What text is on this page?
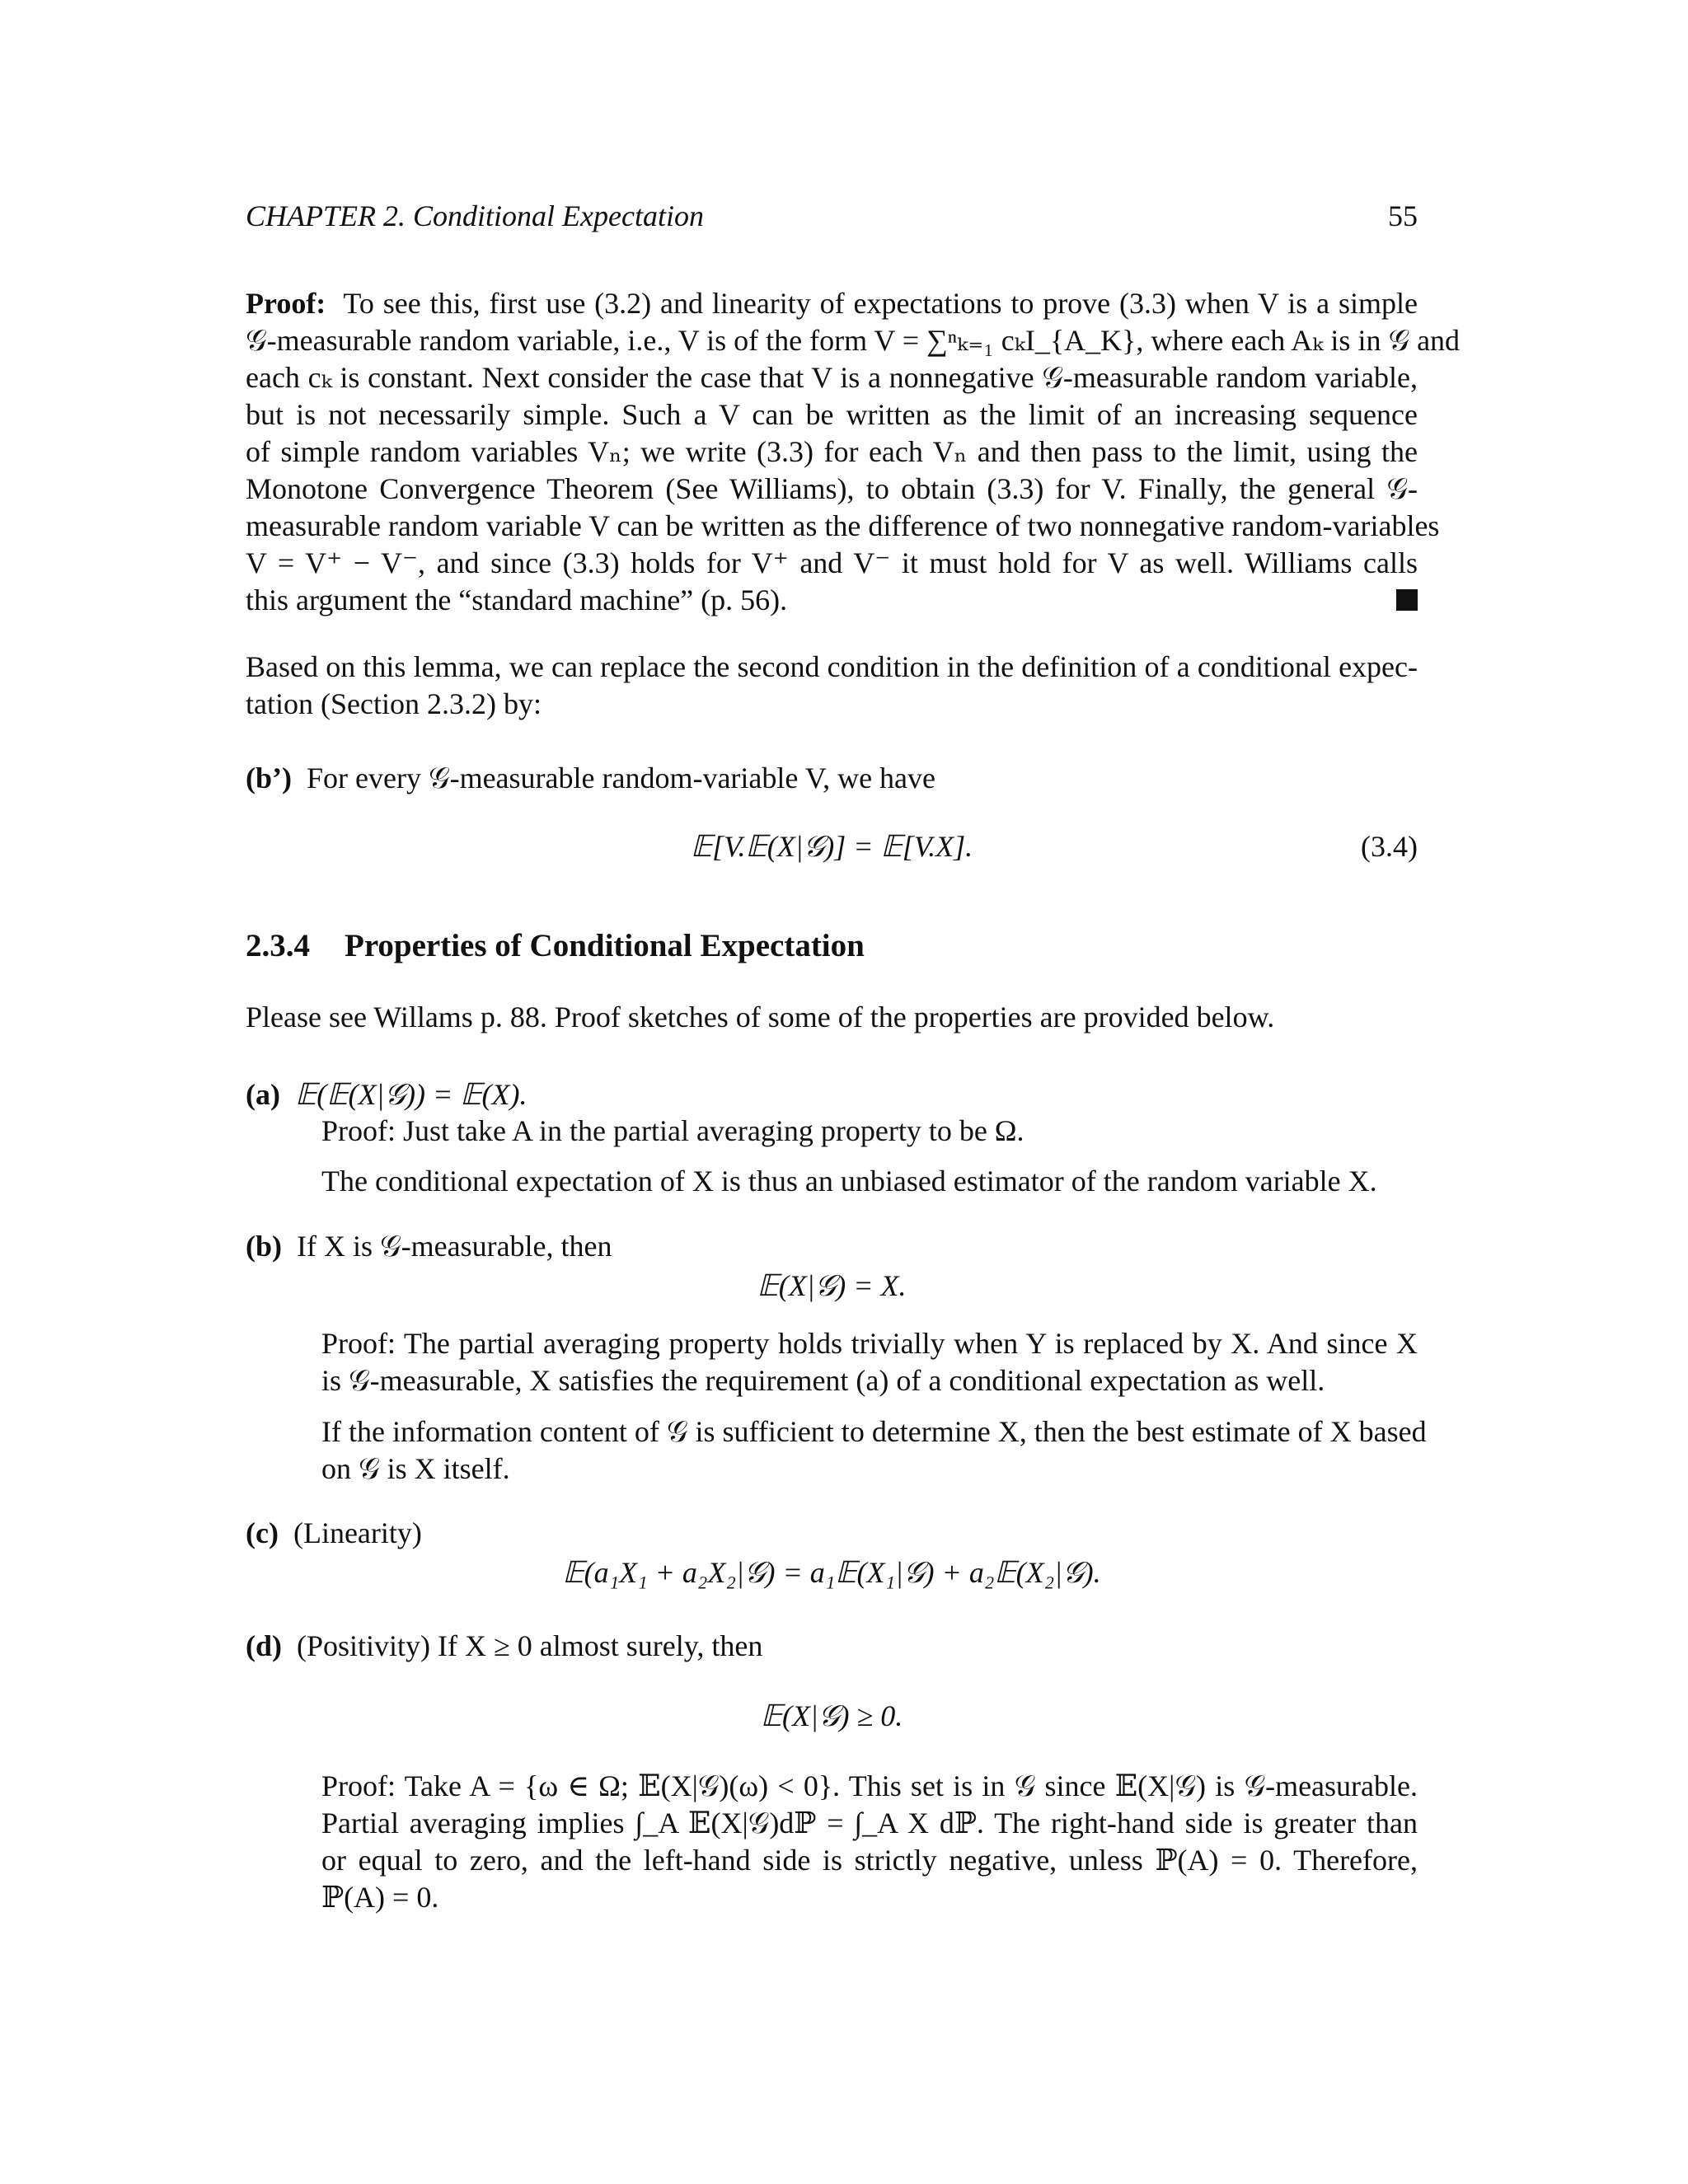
CHAPTER 2. Conditional Expectation	55
Proof: To see this, first use (3.2) and linearity of expectations to prove (3.3) when V is a simple
𝒢-measurable random variable, i.e., V is of the form V = ∑ⁿₖ₌₁ cₖI_{A_K}, where each Aₖ is in 𝒢 and
each cₖ is constant. Next consider the case that V is a nonnegative 𝒢-measurable random variable,
but is not necessarily simple. Such a V can be written as the limit of an increasing sequence
of simple random variables Vₙ; we write (3.3) for each Vₙ and then pass to the limit, using the
Monotone Convergence Theorem (See Williams), to obtain (3.3) for V. Finally, the general 𝒢-
measurable random variable V can be written as the difference of two nonnegative random-variables
V = V⁺ − V⁻, and since (3.3) holds for V⁺ and V⁻ it must hold for V as well. Williams calls
this argument the “standard machine” (p. 56).
Based on this lemma, we can replace the second condition in the definition of a conditional expec-
tation (Section 2.3.2) by:
(b’) For every 𝒢-measurable random-variable V, we have
𝔼[V.𝔼(X|𝒢)] = 𝔼[V.X].	(3.4)
2.3.4 Properties of Conditional Expectation
Please see Willams p. 88. Proof sketches of some of the properties are provided below.
(a) 𝔼(𝔼(X|𝒢)) = 𝔼(X).
Proof: Just take A in the partial averaging property to be Ω.
The conditional expectation of X is thus an unbiased estimator of the random variable X.
(b) If X is 𝒢-measurable, then
𝔼(X|𝒢) = X.
Proof: The partial averaging property holds trivially when Y is replaced by X. And since X
is 𝒢-measurable, X satisfies the requirement (a) of a conditional expectation as well.
If the information content of 𝒢 is sufficient to determine X, then the best estimate of X based
on 𝒢 is X itself.
(c) (Linearity)
𝔼(a₁X₁ + a₂X₂|𝒢) = a₁𝔼(X₁|𝒢) + a₂𝔼(X₂|𝒢).
(d) (Positivity) If X ≥ 0 almost surely, then
𝔼(X|𝒢) ≥ 0.
Proof: Take A = {ω ∈ Ω; 𝔼(X|𝒢)(ω) < 0}. This set is in 𝒢 since 𝔼(X|𝒢) is 𝒢-measurable.
Partial averaging implies ∫_A 𝔼(X|𝒢)dℙ = ∫_A X dℙ. The right-hand side is greater than
or equal to zero, and the left-hand side is strictly negative, unless ℙ(A) = 0. Therefore,
ℙ(A) = 0.
